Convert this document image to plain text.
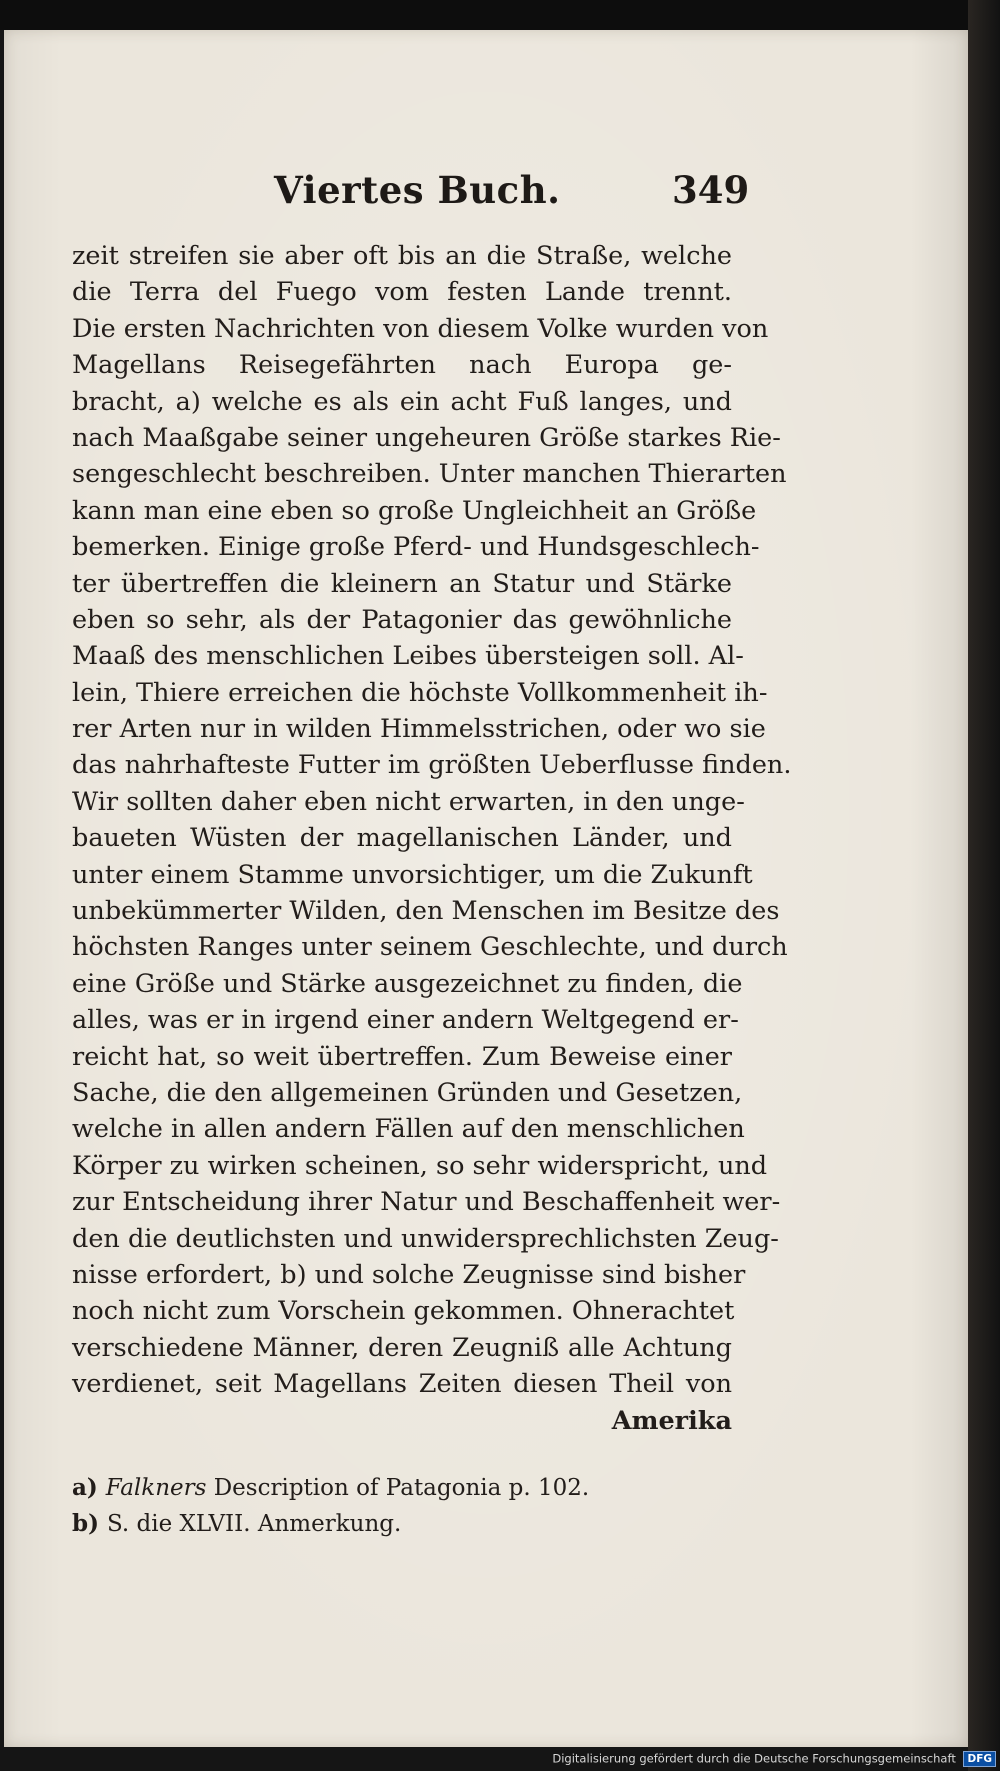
Viertes Buch.	349
zeit streifen sie aber oft bis an die Straße, welche
die Terra del Fuego vom festen Lande trennt.
Die ersten Nachrichten von diesem Volke wurden von
Magellans Reisegefährten nach Europa ge-
bracht, a) welche es als ein acht Fuß langes, und
nach Maaßgabe seiner ungeheuren Größe starkes Rie-
sengeschlecht beschreiben. Unter manchen Thierarten
kann man eine eben so große Ungleichheit an Größe
bemerken. Einige große Pferd- und Hundsgeschlech-
ter übertreffen die kleinern an Statur und Stärke
eben so sehr, als der Patagonier das gewöhnliche
Maaß des menschlichen Leibes übersteigen soll. Al-
lein, Thiere erreichen die höchste Vollkommenheit ih-
rer Arten nur in wilden Himmelsstrichen, oder wo sie
das nahrhafteste Futter im größten Ueberflusse finden.
Wir sollten daher eben nicht erwarten, in den unge-
baueten Wüsten der magellanischen Länder, und
unter einem Stamme unvorsichtiger, um die Zukunft
unbekümmerter Wilden, den Menschen im Besitze des
höchsten Ranges unter seinem Geschlechte, und durch
eine Größe und Stärke ausgezeichnet zu finden, die
alles, was er in irgend einer andern Weltgegend er-
reicht hat, so weit übertreffen. Zum Beweise einer
Sache, die den allgemeinen Gründen und Gesetzen,
welche in allen andern Fällen auf den menschlichen
Körper zu wirken scheinen, so sehr widerspricht, und
zur Entscheidung ihrer Natur und Beschaffenheit wer-
den die deutlichsten und unwidersprechlichsten Zeug-
nisse erfordert, b) und solche Zeugnisse sind bisher
noch nicht zum Vorschein gekommen. Ohnerachtet
verschiedene Männer, deren Zeugniß alle Achtung
verdienet, seit Magellans Zeiten diesen Theil von
Amerika
a) Falkners Description of Patagonia p. 102.
b) S. die XLVII. Anmerkung.
Digitalisierung gefördert durch die Deutsche Forschungsgemeinschaft DFG
